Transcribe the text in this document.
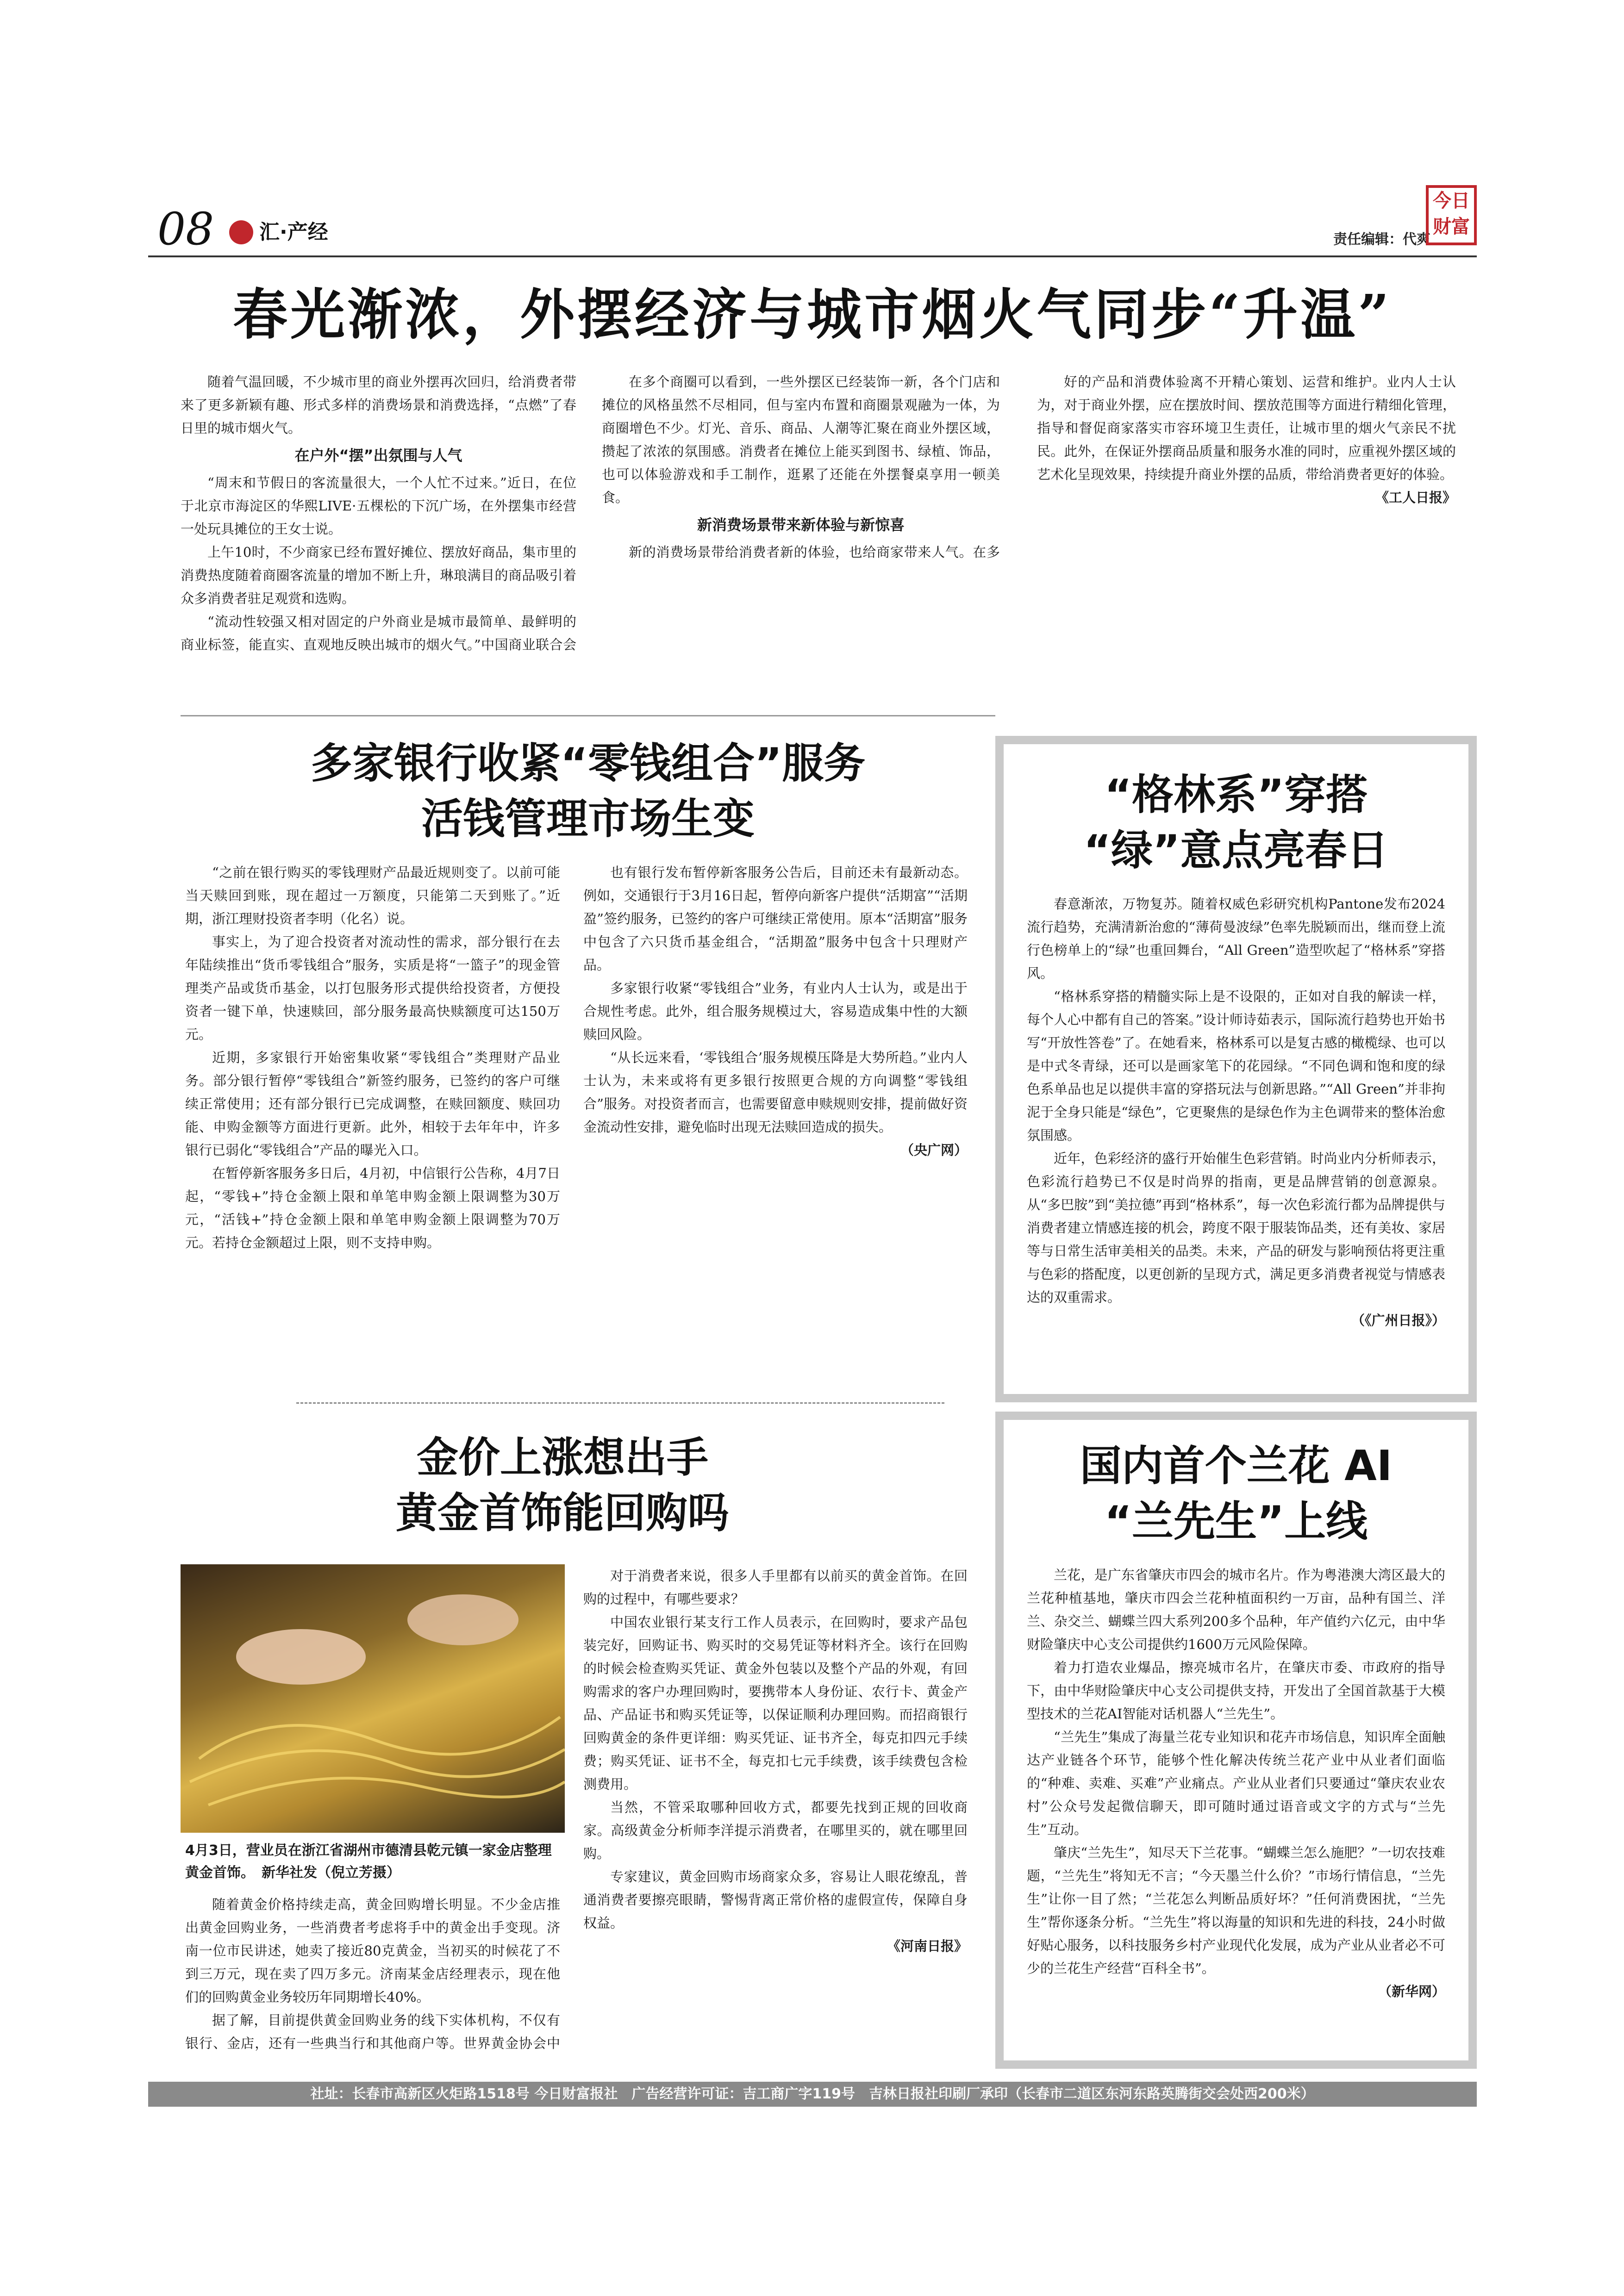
08 汇·产经	责任编辑：代爽
今日
财富
春光渐浓，外摆经济与城市烟火气同步“升温”

随着气温回暖，不少城市里的商业外摆再次回归，给消费者带来了更多新颖有趣、形式多样的消费场景和消费选择，“点燃”了春日里的城市烟火气。

在户外“摆”出氛围与人气

“周末和节假日的客流量很大，一个人忙不过来。”近日，在位于北京市海淀区的华熙LIVE·五棵松的下沉广场，在外摆集市经营一处玩具摊位的王女士说。

上午10时，不少商家已经布置好摊位、摆放好商品，集市里的消费热度随着商圈客流量的增加不断上升，琳琅满目的商品吸引着众多消费者驻足观赏和选购。

“流动性较强又相对固定的户外商业是城市最简单、最鲜明的商业标签，能直实、直观地反映出城市的烟火气。”中国商业联合会

在多个商圈可以看到，一些外摆区已经装饰一新，各个门店和摊位的风格虽然不尽相同，但与室内布置和商圈景观融为一体，为商圈增色不少。灯光、音乐、商品、人潮等汇聚在商业外摆区域，攒起了浓浓的氛围感。消费者在摊位上能买到图书、绿植、饰品，也可以体验游戏和手工制作，逛累了还能在外摆餐桌享用一顿美食。

新消费场景带来新体验与新惊喜

新的消费场景带给消费者新的体验，也给商家带来人气。在多

好的产品和消费体验离不开精心策划、运营和维护。业内人士认为，对于商业外摆，应在摆放时间、摆放范围等方面进行精细化管理，指导和督促商家落实市容环境卫生责任，让城市里的烟火气亲民不扰民。此外，在保证外摆商品质量和服务水准的同时，应重视外摆区域的艺术化呈现效果，持续提升商业外摆的品质，带给消费者更好的体验。

《工人日报》

多家银行收紧“零钱组合”服务
活钱管理市场生变

“之前在银行购买的零钱理财产品最近规则变了。以前可能当天赎回到账，现在超过一万额度，只能第二天到账了。”近期，浙江理财投资者李明（化名）说。

事实上，为了迎合投资者对流动性的需求，部分银行在去年陆续推出“货币零钱组合”服务，实质是将“一篮子”的现金管理类产品或货币基金，以打包服务形式提供给投资者，方便投资者一键下单，快速赎回，部分服务最高快赎额度可达150万元。

近期，多家银行开始密集收紧“零钱组合”类理财产品业务。部分银行暂停“零钱组合”新签约服务，已签约的客户可继续正常使用；还有部分银行已完成调整，在赎回额度、赎回功能、申购金额等方面进行更新。此外，相较于去年年中，许多银行已弱化“零钱组合”产品的曝光入口。

在暂停新客服务多日后，4月初，中信银行公告称，4月7日起，“零钱+”持仓金额上限和单笔申购金额上限调整为30万元，“活钱+”持仓金额上限和单笔申购金额上限调整为70万元。若持仓金额超过上限，则不支持申购。

也有银行发布暂停新客服务公告后，目前还未有最新动态。例如，交通银行于3月16日起，暂停向新客户提供“活期富”“活期盈”签约服务，已签约的客户可继续正常使用。原本“活期富”服务中包含了六只货币基金组合，“活期盈”服务中包含十只理财产品。

多家银行收紧“零钱组合”业务，有业内人士认为，或是出于合规性考虑。此外，组合服务规模过大，容易造成集中性的大额赎回风险。

“从长远来看，‘零钱组合’服务规模压降是大势所趋。”业内人士认为，未来或将有更多银行按照更合规的方向调整“零钱组合”服务。对投资者而言，也需要留意申赎规则安排，提前做好资金流动性安排，避免临时出现无法赎回造成的损失。

（央广网）

“格林系”穿搭
“绿”意点亮春日

春意渐浓，万物复苏。随着权威色彩研究机构Pantone发布2024流行趋势，充满清新治愈的“薄荷曼波绿”色率先脱颖而出，继而登上流行色榜单上的“绿”也重回舞台，“All Green”造型吹起了“格林系”穿搭风。

“格林系穿搭的精髓实际上是不设限的，正如对自我的解读一样，每个人心中都有自己的答案。”设计师诗茹表示，国际流行趋势也开始书写“开放性答卷”了。在她看来，格林系可以是复古感的橄榄绿、也可以是中式冬青绿，还可以是画家笔下的花园绿。“不同色调和饱和度的绿色系单品也足以提供丰富的穿搭玩法与创新思路。”“All Green”并非拘泥于全身只能是“绿色”，它更聚焦的是绿色作为主色调带来的整体治愈氛围感。

近年，色彩经济的盛行开始催生色彩营销。时尚业内分析师表示，色彩流行趋势已不仅是时尚界的指南，更是品牌营销的创意源泉。从“多巴胺”到“美拉德”再到“格林系”，每一次色彩流行都为品牌提供与消费者建立情感连接的机会，跨度不限于服装饰品类，还有美妆、家居等与日常生活审美相关的品类。未来，产品的研发与影响预估将更注重与色彩的搭配度，以更创新的呈现方式，满足更多消费者视觉与情感表达的双重需求。

（《广州日报》）

金价上涨想出手
黄金首饰能回购吗
4月3日，营业员在浙江省湖州市德清县乾元镇一家金店整理黄金首饰。　新华社发（倪立芳摄）

随着黄金价格持续走高，黄金回购增长明显。不少金店推出黄金回购业务，一些消费者考虑将手中的黄金出手变现。济南一位市民讲述，她卖了接近80克黄金，当初买的时候花了不到三万元，现在卖了四万多元。济南某金店经理表示，现在他们的回购黄金业务较历年同期增长40%。

据了解，目前提供黄金回购业务的线下实体机构，不仅有银行、金店，还有一些典当行和其他商户等。世界黄金协会中

对于消费者来说，很多人手里都有以前买的黄金首饰。在回购的过程中，有哪些要求？

中国农业银行某支行工作人员表示，在回购时，要求产品包装完好，回购证书、购买时的交易凭证等材料齐全。该行在回购的时候会检查购买凭证、黄金外包装以及整个产品的外观，有回购需求的客户办理回购时，要携带本人身份证、农行卡、黄金产品、产品证书和购买凭证等，以保证顺利办理回购。而招商银行回购黄金的条件更详细：购买凭证、证书齐全，每克扣四元手续费；购买凭证、证书不全，每克扣七元手续费，该手续费包含检测费用。

当然，不管采取哪种回收方式，都要先找到正规的回收商家。高级黄金分析师李洋提示消费者，在哪里买的，就在哪里回购。

专家建议，黄金回购市场商家众多，容易让人眼花缭乱，普通消费者要擦亮眼睛，警惕背离正常价格的虚假宣传，保障自身权益。

《河南日报》

国内首个兰花 AI
“兰先生”上线

兰花，是广东省肇庆市四会的城市名片。作为粤港澳大湾区最大的兰花种植基地，肇庆市四会兰花种植面积约一万亩，品种有国兰、洋兰、杂交兰、蝴蝶兰四大系列200多个品种，年产值约六亿元，由中华财险肇庆中心支公司提供约1600万元风险保障。

着力打造农业爆品，擦亮城市名片，在肇庆市委、市政府的指导下，由中华财险肇庆中心支公司提供支持，开发出了全国首款基于大模型技术的兰花AI智能对话机器人“兰先生”。

“兰先生”集成了海量兰花专业知识和花卉市场信息，知识库全面触达产业链各个环节，能够个性化解决传统兰花产业中从业者们面临的“种难、卖难、买难”产业痛点。产业从业者们只要通过“肇庆农业农村”公众号发起微信聊天，即可随时通过语音或文字的方式与“兰先生”互动。

肇庆“兰先生”，知尽天下兰花事。“蝴蝶兰怎么施肥？”一切农技难题，“兰先生”将知无不言；“今天墨兰什么价？”市场行情信息，“兰先生”让你一目了然；“兰花怎么判断品质好坏？”任何消费困扰，“兰先生”帮你逐条分析。“兰先生”将以海量的知识和先进的科技，24小时做好贴心服务，以科技服务乡村产业现代化发展，成为产业从业者必不可少的兰花生产经营“百科全书”。

（新华网）

社址：长春市高新区火炬路1518号 今日财富报社　广告经营许可证：吉工商广字119号　吉林日报社印刷厂承印（长春市二道区东河东路英腾街交会处西200米）
